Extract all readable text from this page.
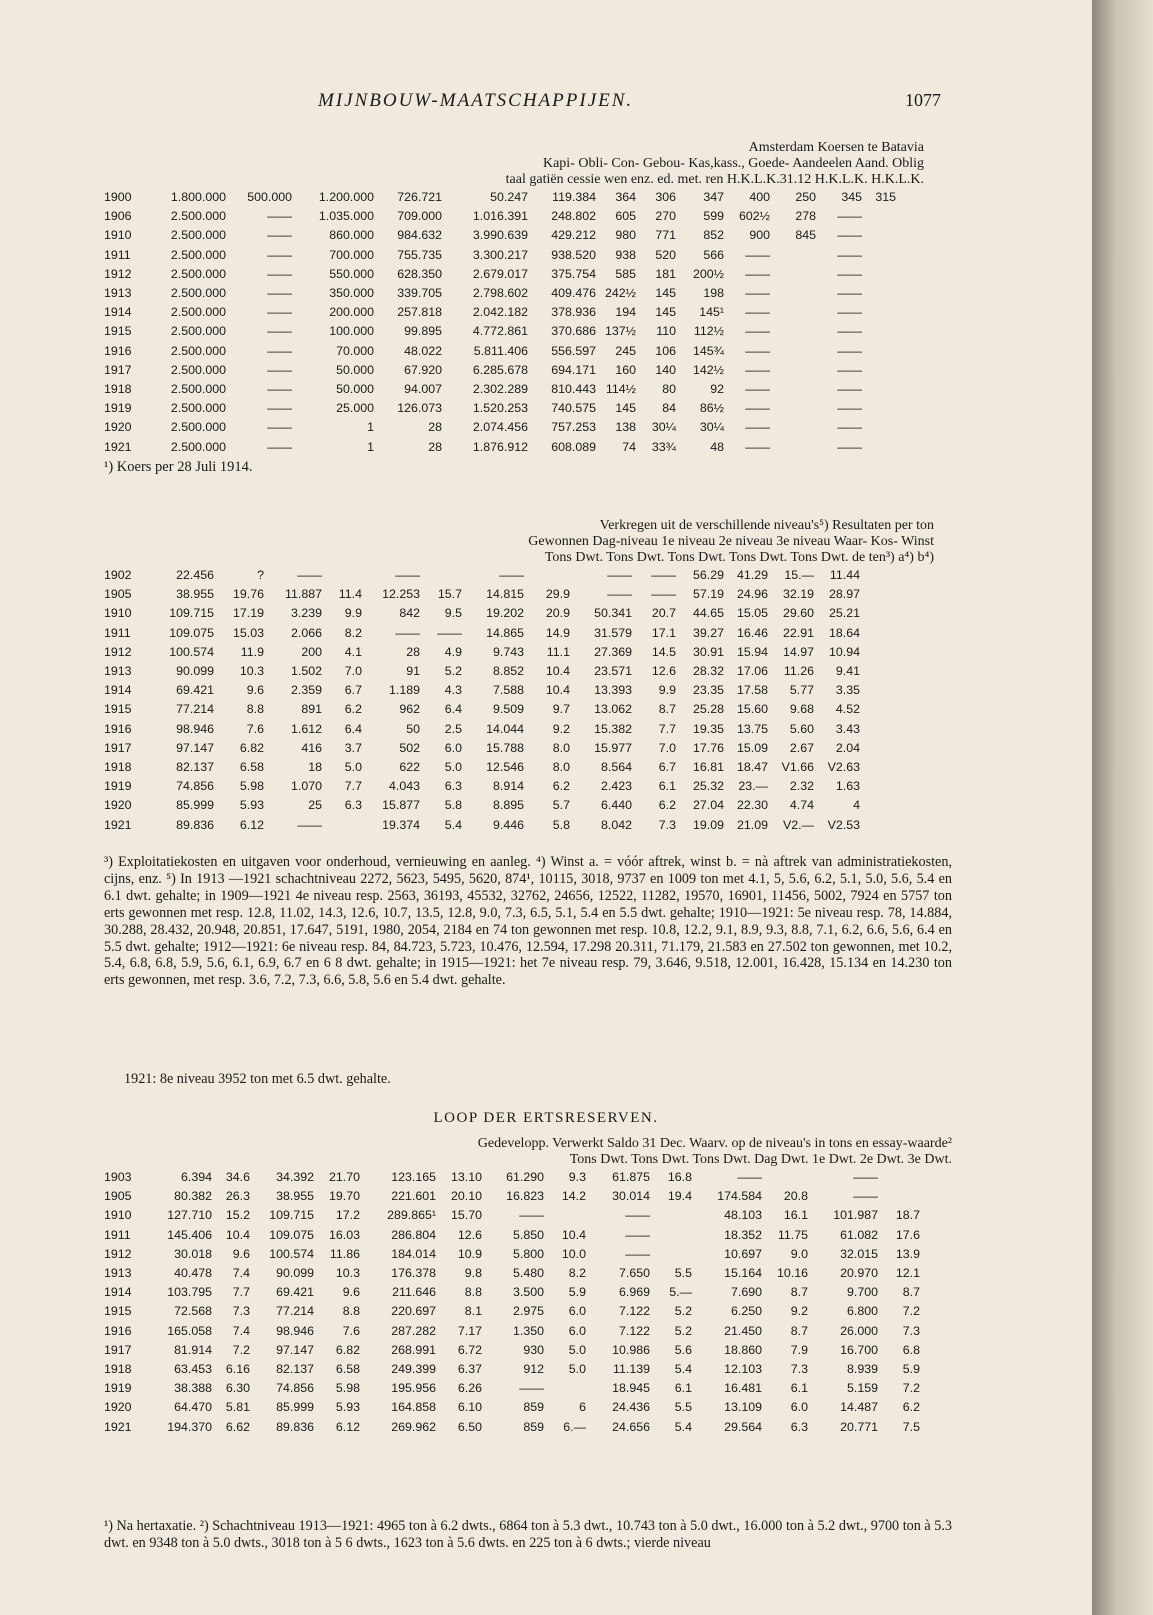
MIJNBOUW-MAATSCHAPPIJEN.	1077
Amsterdam Koersen te Batavia
Kapi- Obli- Con- Gebou- Kas,kass., Goede- Aandeelen Aand. Oblig
taal gatiën cessie wen enz. ed. met. ren H.K.L.K.31.12 H.K.L.K. H.K.L.K.
1900	1.800.000	500.000	1.200.000	726.721	50.247	119.384	364	306	347	400	250	345	315
1906	2.500.000	——	1.035.000	709.000	1.016.391	248.802	605	270	599	602½	278	——	
1910	2.500.000	——	860.000	984.632	3.990.639	429.212	980	771	852	900	845	——	
1911	2.500.000	——	700.000	755.735	3.300.217	938.520	938	520	566	——		——	
1912	2.500.000	——	550.000	628.350	2.679.017	375.754	585	181	200½	——		——	
1913	2.500.000	——	350.000	339.705	2.798.602	409.476	242½	145	198	——		——	
1914	2.500.000	——	200.000	257.818	2.042.182	378.936	194	145	145¹	——		——	
1915	2.500.000	——	100.000	99.895	4.772.861	370.686	137½	110	112½	——		——	
1916	2.500.000	——	70.000	48.022	5.811.406	556.597	245	106	145¾	——		——	
1917	2.500.000	——	50.000	67.920	6.285.678	694.171	160	140	142½	——		——	
1918	2.500.000	——	50.000	94.007	2.302.289	810.443	114½	80	92	——		——	
1919	2.500.000	——	25.000	126.073	1.520.253	740.575	145	84	86½	——		——	
1920	2.500.000	——	1	28	2.074.456	757.253	138	30¼	30¼	——		——	
1921	2.500.000	——	1	28	1.876.912	608.089	74	33¾	48	——		——	
¹) Koers per 28 Juli 1914.
Verkregen uit de verschillende niveau's⁵) Resultaten per ton
Gewonnen Dag-niveau 1e niveau 2e niveau 3e niveau Waar- Kos- Winst
Tons Dwt. Tons Dwt. Tons Dwt. Tons Dwt. Tons Dwt. de ten³) a⁴) b⁴)
1902	22.456	?	——		——		——		——	——	56.29	41.29	15.—	11.44
1905	38.955	19.76	11.887	11.4	12.253	15.7	14.815	29.9	——	——	57.19	24.96	32.19	28.97
1910	109.715	17.19	3.239	9.9	842	9.5	19.202	20.9	50.341	20.7	44.65	15.05	29.60	25.21
1911	109.075	15.03	2.066	8.2	——	——	14.865	14.9	31.579	17.1	39.27	16.46	22.91	18.64
1912	100.574	11.9	200	4.1	28	4.9	9.743	11.1	27.369	14.5	30.91	15.94	14.97	10.94
1913	90.099	10.3	1.502	7.0	91	5.2	8.852	10.4	23.571	12.6	28.32	17.06	11.26	9.41
1914	69.421	9.6	2.359	6.7	1.189	4.3	7.588	10.4	13.393	9.9	23.35	17.58	5.77	3.35
1915	77.214	8.8	891	6.2	962	6.4	9.509	9.7	13.062	8.7	25.28	15.60	9.68	4.52
1916	98.946	7.6	1.612	6.4	50	2.5	14.044	9.2	15.382	7.7	19.35	13.75	5.60	3.43
1917	97.147	6.82	416	3.7	502	6.0	15.788	8.0	15.977	7.0	17.76	15.09	2.67	2.04
1918	82.137	6.58	18	5.0	622	5.0	12.546	8.0	8.564	6.7	16.81	18.47	V1.66	V2.63
1919	74.856	5.98	1.070	7.7	4.043	6.3	8.914	6.2	2.423	6.1	25.32	23.—	2.32	1.63
1920	85.999	5.93	25	6.3	15.877	5.8	8.895	5.7	6.440	6.2	27.04	22.30	4.74	4
1921	89.836	6.12	——		19.374	5.4	9.446	5.8	8.042	7.3	19.09	21.09	V2.—	V2.53
³) Exploitatiekosten en uitgaven voor onderhoud, vernieuwing en aanleg. ⁴) Winst a. = vóór aftrek, winst b. = nà aftrek van administratiekosten, cijns, enz. ⁵) In 1913 —1921 schachtniveau 2272, 5623, 5495, 5620, 874¹, 10115, 3018, 9737 en 1009 ton met 4.1, 5, 5.6, 6.2, 5.1, 5.0, 5.6, 5.4 en 6.1 dwt. gehalte; in 1909—1921 4e niveau resp. 2563, 36193, 45532, 32762, 24656, 12522, 11282, 19570, 16901, 11456, 5002, 7924 en 5757 ton erts gewonnen met resp. 12.8, 11.02, 14.3, 12.6, 10.7, 13.5, 12.8, 9.0, 7.3, 6.5, 5.1, 5.4 en 5.5 dwt. gehalte; 1910—1921: 5e niveau resp. 78, 14.884, 30.288, 28.432, 20.948, 20.851, 17.647, 5191, 1980, 2054, 2184 en 74 ton gewonnen met resp. 10.8, 12.2, 9.1, 8.9, 9.3, 8.8, 7.1, 6.2, 6.6, 5.6, 6.4 en 5.5 dwt. gehalte; 1912—1921: 6e niveau resp. 84, 84.723, 5.723, 10.476, 12.594, 17.298 20.311, 71.179, 21.583 en 27.502 ton gewonnen, met 10.2, 5.4, 6.8, 6.8, 5.9, 5.6, 6.1, 6.9, 6.7 en 6 8 dwt. gehalte; in 1915—1921: het 7e niveau resp. 79, 3.646, 9.518, 12.001, 16.428, 15.134 en 14.230 ton erts gewonnen, met resp. 3.6, 7.2, 7.3, 6.6, 5.8, 5.6 en 5.4 dwt. gehalte.
1921: 8e niveau 3952 ton met 6.5 dwt. gehalte.
LOOP DER ERTSRESERVEN.
Gedevelopp. Verwerkt Saldo 31 Dec. Waarv. op de niveau's in tons en essay-waarde²
Tons Dwt. Tons Dwt. Tons Dwt. Dag Dwt. 1e Dwt. 2e Dwt. 3e Dwt.
1903	6.394	34.6	34.392	21.70	123.165	13.10	61.290	9.3	61.875	16.8	——		——	
1905	80.382	26.3	38.955	19.70	221.601	20.10	16.823	14.2	30.014	19.4	174.584	20.8	——	
1910	127.710	15.2	109.715	17.2	289.865¹	15.70	——		——		48.103	16.1	101.987	18.7
1911	145.406	10.4	109.075	16.03	286.804	12.6	5.850	10.4	——		18.352	11.75	61.082	17.6
1912	30.018	9.6	100.574	11.86	184.014	10.9	5.800	10.0	——		10.697	9.0	32.015	13.9
1913	40.478	7.4	90.099	10.3	176.378	9.8	5.480	8.2	7.650	5.5	15.164	10.16	20.970	12.1
1914	103.795	7.7	69.421	9.6	211.646	8.8	3.500	5.9	6.969	5.—	7.690	8.7	9.700	8.7
1915	72.568	7.3	77.214	8.8	220.697	8.1	2.975	6.0	7.122	5.2	6.250	9.2	6.800	7.2
1916	165.058	7.4	98.946	7.6	287.282	7.17	1.350	6.0	7.122	5.2	21.450	8.7	26.000	7.3
1917	81.914	7.2	97.147	6.82	268.991	6.72	930	5.0	10.986	5.6	18.860	7.9	16.700	6.8
1918	63.453	6.16	82.137	6.58	249.399	6.37	912	5.0	11.139	5.4	12.103	7.3	8.939	5.9
1919	38.388	6.30	74.856	5.98	195.956	6.26	——		18.945	6.1	16.481	6.1	5.159	7.2
1920	64.470	5.81	85.999	5.93	164.858	6.10	859	6	24.436	5.5	13.109	6.0	14.487	6.2
1921	194.370	6.62	89.836	6.12	269.962	6.50	859	6.—	24.656	5.4	29.564	6.3	20.771	7.5
¹) Na hertaxatie. ²) Schachtniveau 1913—1921: 4965 ton à 6.2 dwts., 6864 ton à 5.3 dwt., 10.743 ton à 5.0 dwt., 16.000 ton à 5.2 dwt., 9700 ton à 5.3 dwt. en 9348 ton à 5.0 dwts., 3018 ton à 5 6 dwts., 1623 ton à 5.6 dwts. en 225 ton à 6 dwts.; vierde niveau
